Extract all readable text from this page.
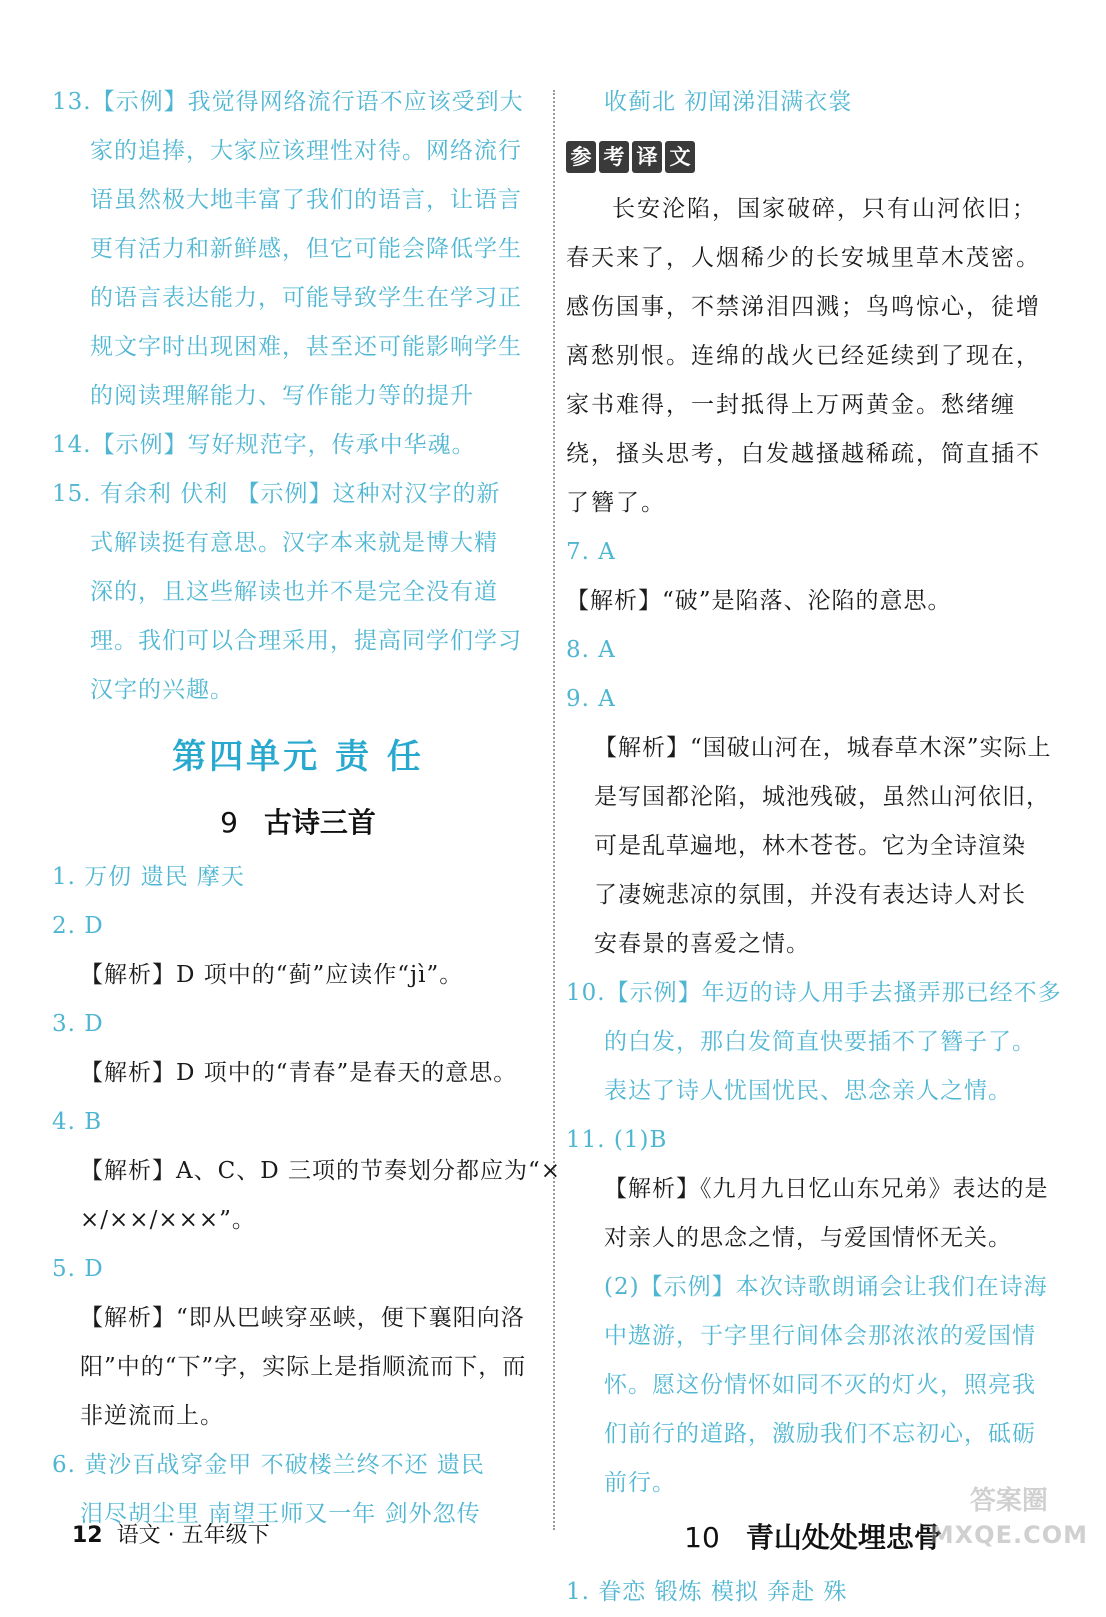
13.【示例】我觉得网络流行语不应该受到大
家的追捧，大家应该理性对待。网络流行
语虽然极大地丰富了我们的语言，让语言
更有活力和新鲜感，但它可能会降低学生
的语言表达能力，可能导致学生在学习正
规文字时出现困难，甚至还可能影响学生
的阅读理解能力、写作能力等的提升
14.【示例】写好规范字，传承中华魂。
15. 有余利 伏利 【示例】这种对汉字的新
式解读挺有意思。汉字本来就是博大精
深的，且这些解读也并不是完全没有道
理。我们可以合理采用，提高同学们学习
汉字的兴趣。
第四单元 责 任
9 古诗三首
1. 万仞 遗民 摩天
2. D
【解析】D 项中的“蓟”应读作“jì”。
3. D
【解析】D 项中的“青春”是春天的意思。
4. B
【解析】A、C、D 三项的节奏划分都应为“×
×/××/×××”。
5. D
【解析】“即从巴峡穿巫峡，便下襄阳向洛
阳”中的“下”字，实际上是指顺流而下，而
非逆流而上。
6. 黄沙百战穿金甲 不破楼兰终不还 遗民
泪尽胡尘里 南望王师又一年 剑外忽传
收蓟北 初闻涕泪满衣裳
参 考 译 文
长安沦陷，国家破碎，只有山河依旧；春天来了，人烟稀少的长安城里草木茂密。感伤国事，不禁涕泪四溅；鸟鸣惊心，徒增离愁别恨。连绵的战火已经延续到了现在，家书难得，一封抵得上万两黄金。愁绪缠绕，搔头思考，白发越搔越稀疏，简直插不了簪了。
7. A
【解析】“破”是陷落、沦陷的意思。
8. A
9. A
【解析】“国破山河在，城春草木深”实际上
是写国都沦陷，城池残破，虽然山河依旧，
可是乱草遍地，林木苍苍。它为全诗渲染
了凄婉悲凉的氛围，并没有表达诗人对长
安春景的喜爱之情。
10.【示例】年迈的诗人用手去搔弄那已经不多
的白发，那白发简直快要插不了簪子了。
表达了诗人忧国忧民、思念亲人之情。
11. (1)B
【解析】《九月九日忆山东兄弟》表达的是
对亲人的思念之情，与爱国情怀无关。
(2)【示例】本次诗歌朗诵会让我们在诗海
中遨游，于字里行间体会那浓浓的爱国情
怀。愿这份情怀如同不灭的灯火，照亮我
们前行的道路，激励我们不忘初心，砥砺
前行。
10 青山处处埋忠骨
1. 眷恋 锻炼 模拟 奔赴 殊
12 语文 · 五年级下
答案圈
MXQE.COM
